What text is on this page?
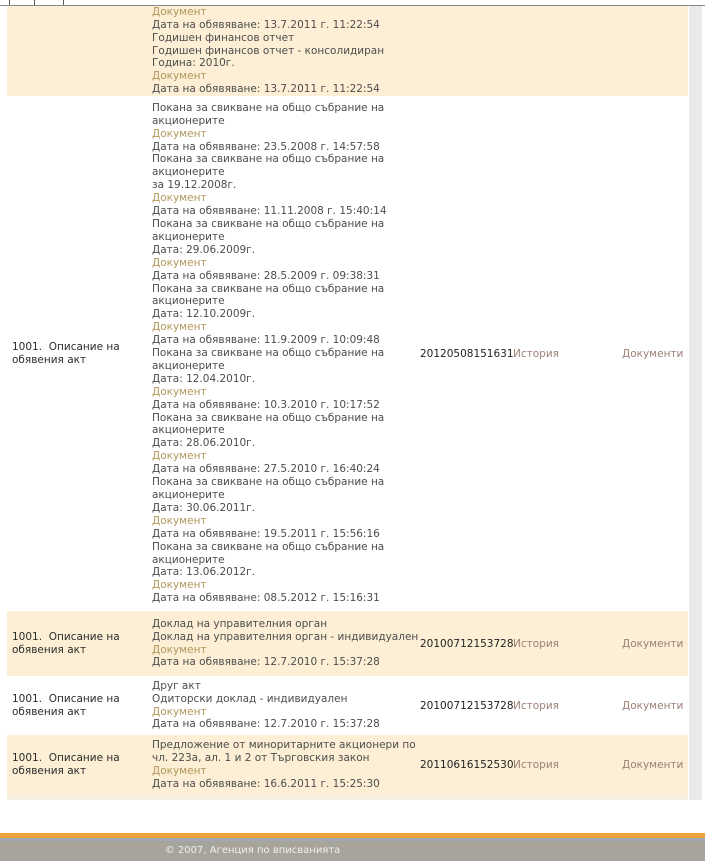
Документ
Дата на обявяване: 13.7.2011 г. 11:22:54
Годишен финансов отчет
Годишен финансов отчет - консолидиран
Година: 2010г.
Документ
Дата на обявяване: 13.7.2011 г. 11:22:54
1001.  Описание на
обявения акт
Покана за свикване на общо събрание на
акционерите
Документ
Дата на обявяване: 23.5.2008 г. 14:57:58
Покана за свикване на общо събрание на
акционерите
за 19.12.2008г.
Документ
Дата на обявяване: 11.11.2008 г. 15:40:14
Покана за свикване на общо събрание на
акционерите
Дата: 29.06.2009г.
Документ
Дата на обявяване: 28.5.2009 г. 09:38:31
Покана за свикване на общо събрание на
акционерите
Дата: 12.10.2009г.
Документ
Дата на обявяване: 11.9.2009 г. 10:09:48
Покана за свикване на общо събрание на
акционерите
Дата: 12.04.2010г.
Документ
Дата на обявяване: 10.3.2010 г. 10:17:52
Покана за свикване на общо събрание на
акционерите
Дата: 28.06.2010г.
Документ
Дата на обявяване: 27.5.2010 г. 16:40:24
Покана за свикване на общо събрание на
акционерите
Дата: 30.06.2011г.
Документ
Дата на обявяване: 19.5.2011 г. 15:56:16
Покана за свикване на общо събрание на
акционерите
Дата: 13.06.2012г.
Документ
Дата на обявяване: 08.5.2012 г. 15:16:31
20120508151631 История	Документи
1001.  Описание на
обявения акт
Доклад на управителния орган
Доклад на управителния орган - индивидуален
Документ
Дата на обявяване: 12.7.2010 г. 15:37:28
20100712153728 История	Документи
1001.  Описание на
обявения акт
Друг акт
Одиторски доклад - индивидуален
Документ
Дата на обявяване: 12.7.2010 г. 15:37:28
20100712153728 История	Документи
1001.  Описание на
обявения акт
Предложение от миноритарните акционери по
чл. 223а, ал. 1 и 2 от Търговския закон
Документ
Дата на обявяване: 16.6.2011 г. 15:25:30
20110616152530 История	Документи
© 2007, Агенция по вписванията
